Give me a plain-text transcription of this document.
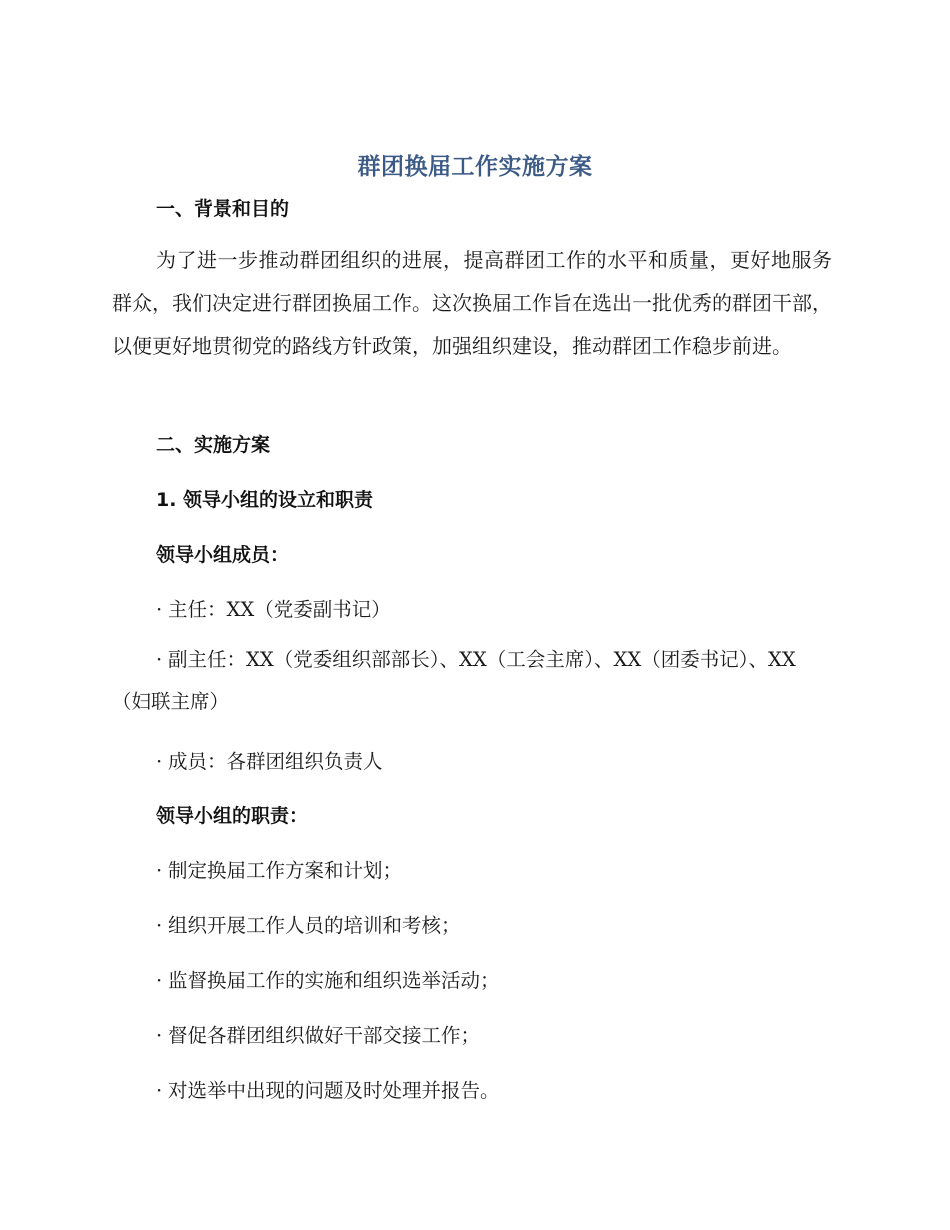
群团换届工作实施方案
一、背景和目的
为了进一步推动群团组织的进展，提高群团工作的水平和质量，更好地服务群众，我们决定进行群团换届工作。这次换届工作旨在选出一批优秀的群团干部，以便更好地贯彻党的路线方针政策，加强组织建设，推动群团工作稳步前进。
二、实施方案
1. 领导小组的设立和职责
领导小组成员：
· 主任：XX（党委副书记）
· 副主任：XX（党委组织部部长）、XX（工会主席）、XX（团委书记）、XX（妇联主席）
· 成员：各群团组织负责人
领导小组的职责：
· 制定换届工作方案和计划；
· 组织开展工作人员的培训和考核；
· 监督换届工作的实施和组织选举活动；
· 督促各群团组织做好干部交接工作；
· 对选举中出现的问题及时处理并报告。
